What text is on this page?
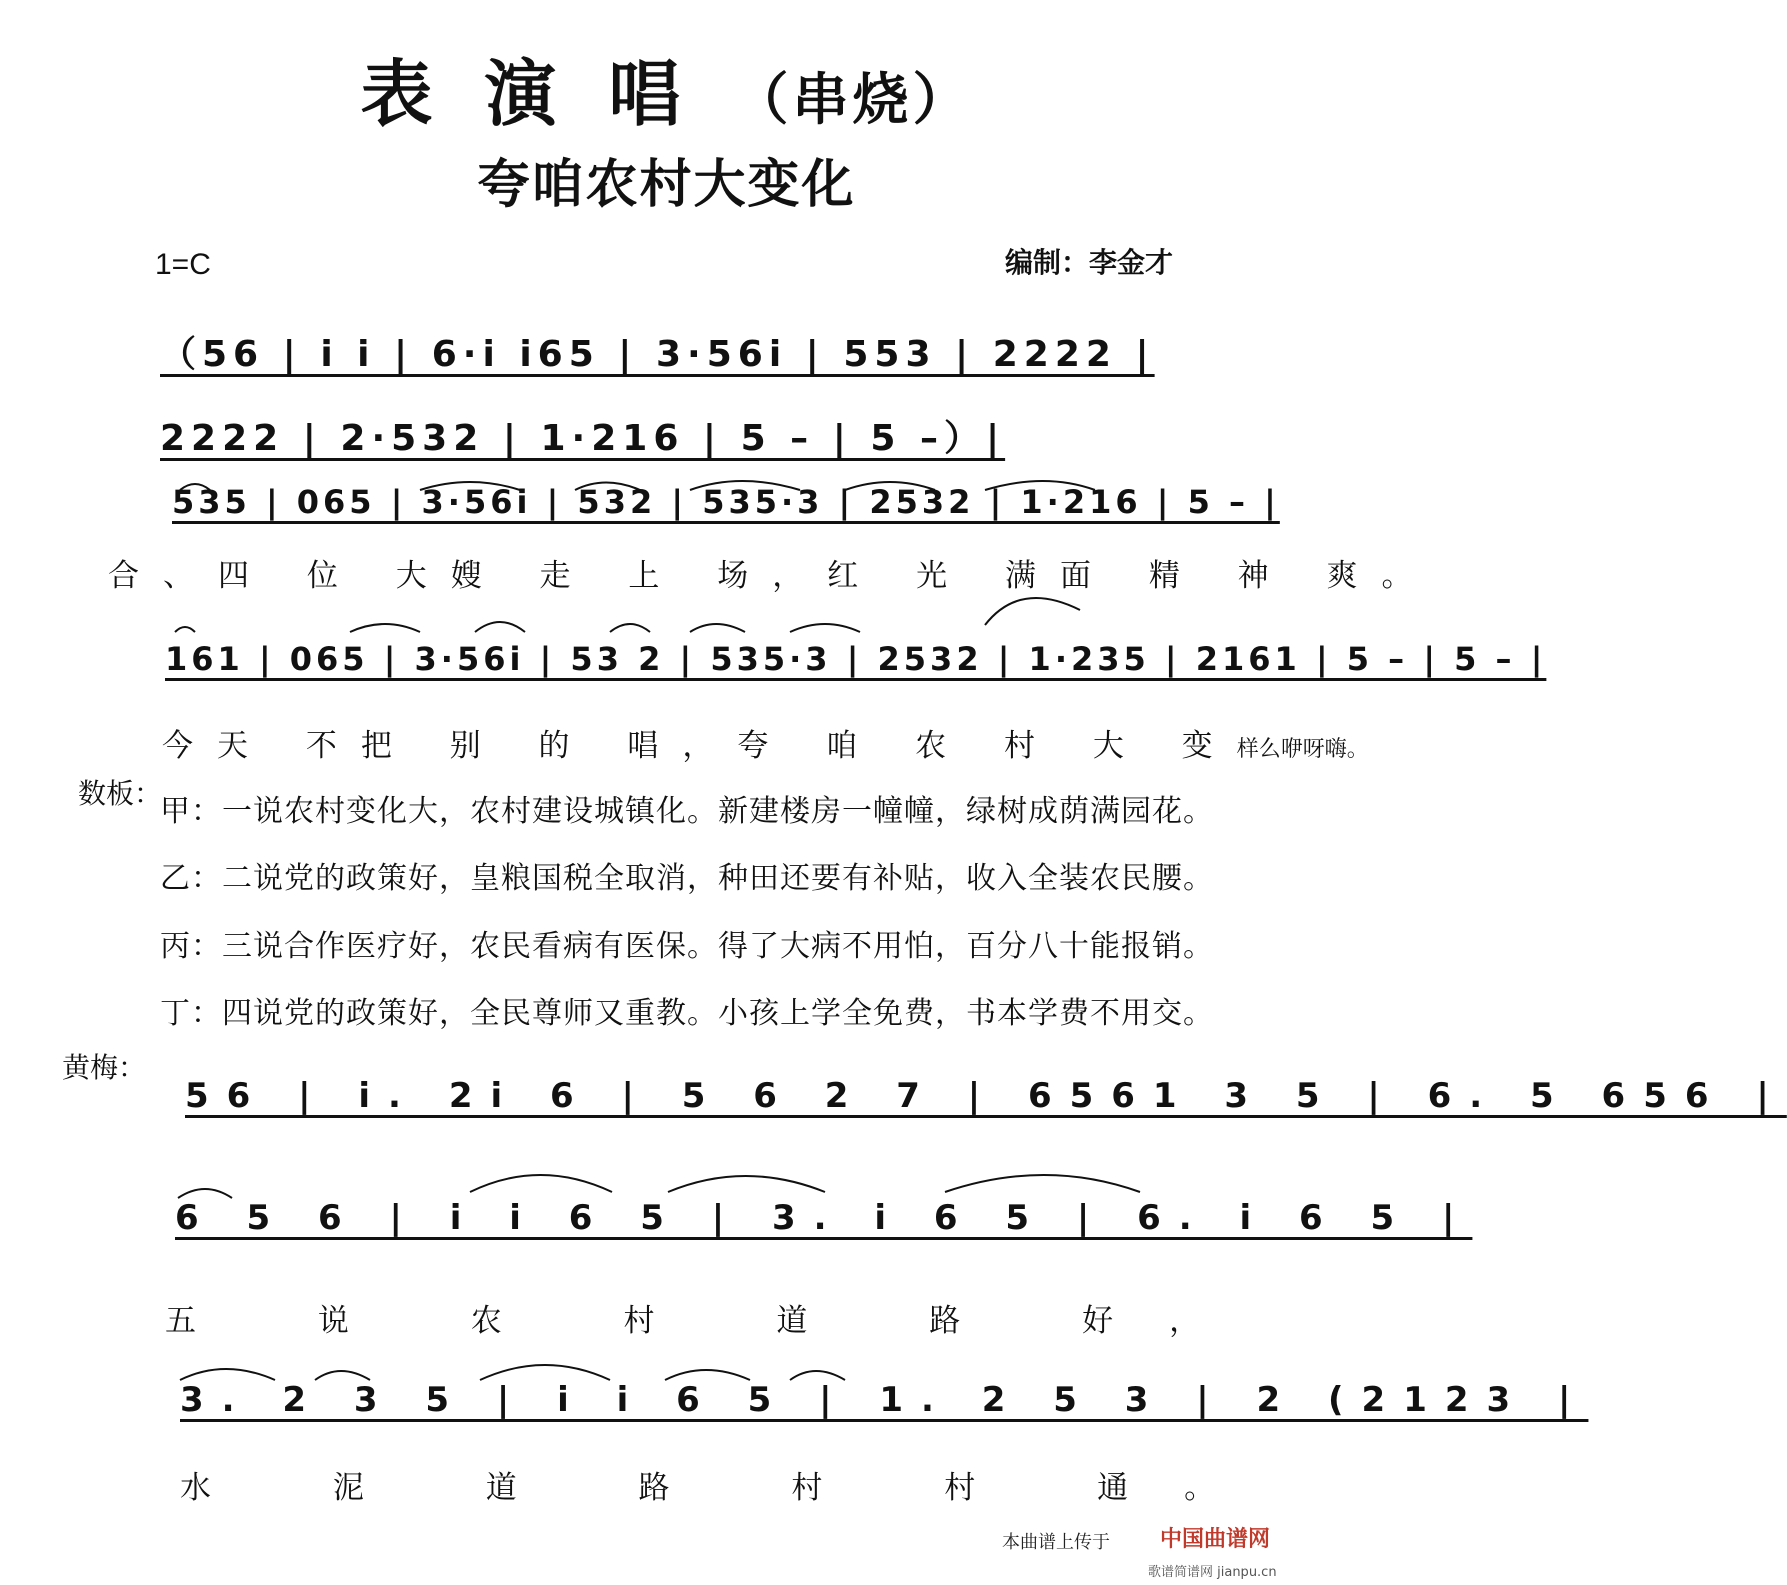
表演唱（串烧）
夸咱农村大变化
1=C	编制：李金才
（56 | i i | 6·i i65 | 3·56i | 553 | 2222 |
2222 | 2·532 | 1·216 | 5 – | 5 –）|
535 | 065 | 3·56i | 532 | 535·3 | 2532 | 1·216 | 5 – |
合、四 位 大嫂 走 上 场，红 光 满面 精 神 爽。
161 | 065 | 3·56i | 53 2 | 535·3 | 2532 | 1·235 | 2161 | 5 – | 5 – |
今天 不把 别 的 唱，夸 咱 农 村 大 变样么咿呀嗨。
数板：
甲：一说农村变化大，农村建设城镇化。新建楼房一幢幢，绿树成荫满园花。
乙：二说党的政策好，皇粮国税全取消，种田还要有补贴，收入全装农民腰。
丙：三说合作医疗好，农民看病有医保。得了大病不用怕，百分八十能报销。
丁：四说党的政策好，全民尊师又重教。小孩上学全免费，书本学费不用交。
黄梅：
56 | i. 2i 6 | 5 6 2 7 | 6561 3 5 | 6. 5 656 |
6 5 6 | i i 6 5 | 3. i 6 5 | 6. i 6 5 |
五 说 农 村 道 路 好，
3. 2 3 5 | i i 6 5 | 1. 2 5 3 | 2 (2123 |
水 泥 道 路 村 村 通。
本曲谱上传于 中国曲谱网
歌谱简谱网 jianpu.cn
